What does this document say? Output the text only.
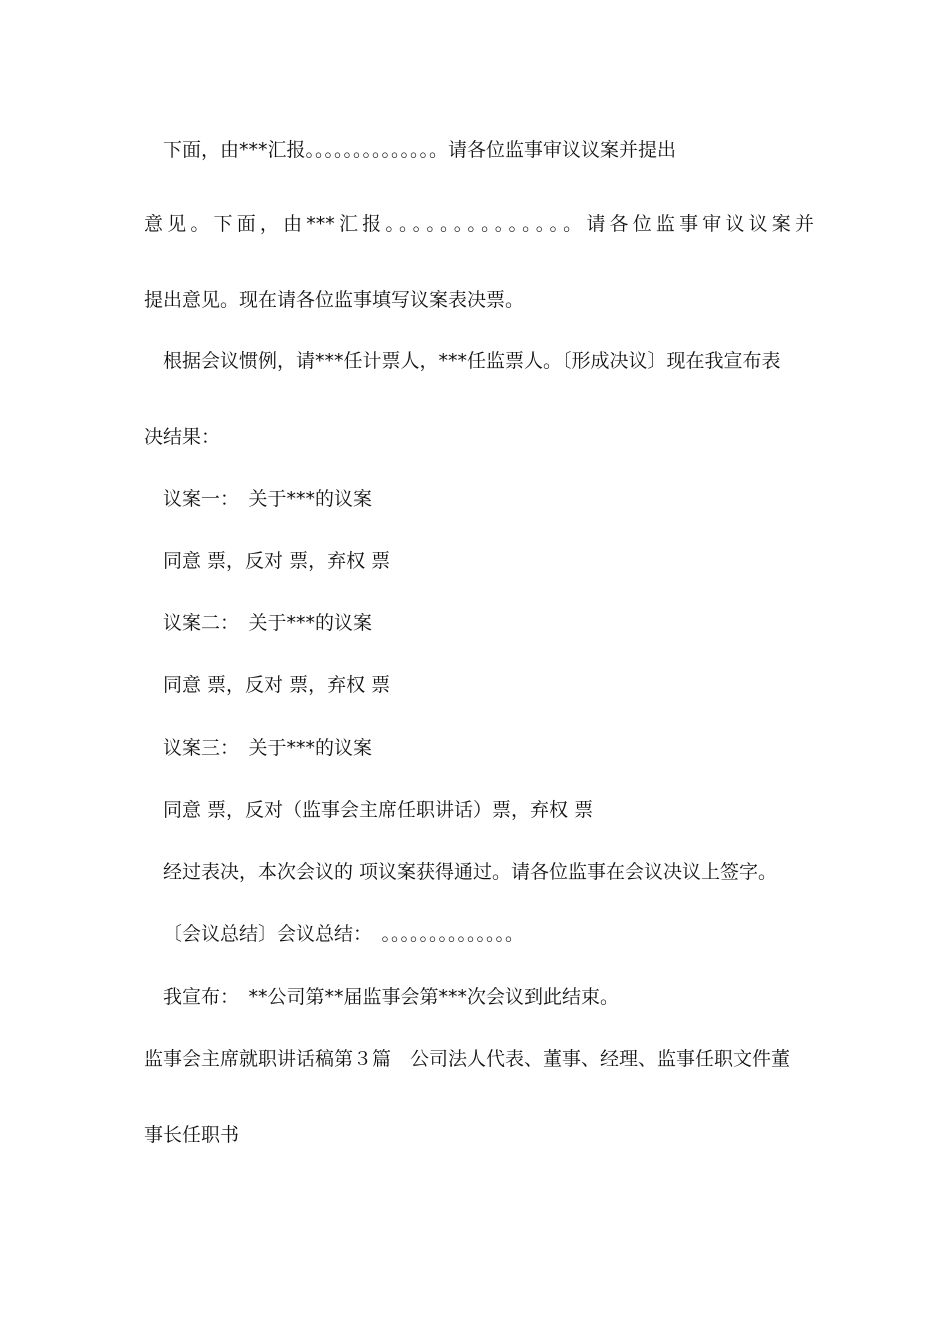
下面，由***汇报。。。。。。。。。。。。。。请各位监事审议议案并提出
意见。下面，由***汇报。。。。。。。。。。。。。。请各位监事审议议案并
提出意见。现在请各位监事填写议案表决票。
根据会议惯例，请***任计票人，***任监票人。〔形成决议〕现在我宣布表
决结果：
议案一：　关于***的议案
同意 票，反对 票，弃权 票
议案二：　关于***的议案
同意 票，反对 票，弃权 票
议案三：　关于***的议案
同意 票，反对（监事会主席任职讲话）票，弃权 票
经过表决，本次会议的 项议案获得通过。请各位监事在会议决议上签字。
〔会议总结〕会议总结：　。。。。。。。。。。。。。。
我宣布：　**公司第**届监事会第***次会议到此结束。
监事会主席就职讲话稿第３篇　公司法人代表、董事、经理、监事任职文件董
事长任职书
